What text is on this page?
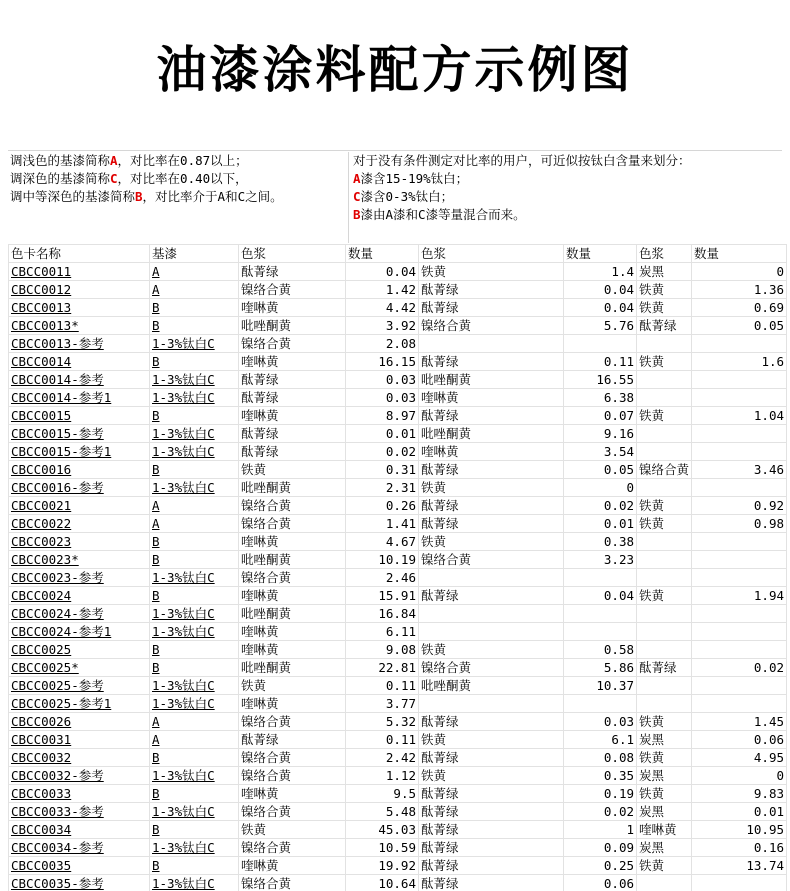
油漆涂料配方示例图
调浅色的基漆简称A，对比率在0.87以上；
调深色的基漆简称C，对比率在0.40以下，
调中等深色的基漆简称B，对比率介于A和C之间。
对于没有条件测定对比率的用户，可近似按钛白含量来划分：
A漆含15-19%钛白；
C漆含0-3%钛白；
B漆由A漆和C漆等量混合而来。
色卡名称	基漆	色浆	数量	色浆	数量	色浆	数量
CBCC0011	A	酞菁绿	0.04	铁黄	1.4	炭黑	0
CBCC0012	A	镍络合黄	1.42	酞菁绿	0.04	铁黄	1.36
CBCC0013	B	喹啉黄	4.42	酞菁绿	0.04	铁黄	0.69
CBCC0013*	B	吡唑酮黄	3.92	镍络合黄	5.76	酞菁绿	0.05
CBCC0013-参考	1-3%钛白C	镍络合黄	2.08				
CBCC0014	B	喹啉黄	16.15	酞菁绿	0.11	铁黄	1.6
CBCC0014-参考	1-3%钛白C	酞菁绿	0.03	吡唑酮黄	16.55		
CBCC0014-参考1	1-3%钛白C	酞菁绿	0.03	喹啉黄	6.38		
CBCC0015	B	喹啉黄	8.97	酞菁绿	0.07	铁黄	1.04
CBCC0015-参考	1-3%钛白C	酞菁绿	0.01	吡唑酮黄	9.16		
CBCC0015-参考1	1-3%钛白C	酞菁绿	0.02	喹啉黄	3.54		
CBCC0016	B	铁黄	0.31	酞菁绿	0.05	镍络合黄	3.46
CBCC0016-参考	1-3%钛白C	吡唑酮黄	2.31	铁黄	0		
CBCC0021	A	镍络合黄	0.26	酞菁绿	0.02	铁黄	0.92
CBCC0022	A	镍络合黄	1.41	酞菁绿	0.01	铁黄	0.98
CBCC0023	B	喹啉黄	4.67	铁黄	0.38		
CBCC0023*	B	吡唑酮黄	10.19	镍络合黄	3.23		
CBCC0023-参考	1-3%钛白C	镍络合黄	2.46				
CBCC0024	B	喹啉黄	15.91	酞菁绿	0.04	铁黄	1.94
CBCC0024-参考	1-3%钛白C	吡唑酮黄	16.84				
CBCC0024-参考1	1-3%钛白C	喹啉黄	6.11				
CBCC0025	B	喹啉黄	9.08	铁黄	0.58		
CBCC0025*	B	吡唑酮黄	22.81	镍络合黄	5.86	酞菁绿	0.02
CBCC0025-参考	1-3%钛白C	铁黄	0.11	吡唑酮黄	10.37		
CBCC0025-参考1	1-3%钛白C	喹啉黄	3.77				
CBCC0026	A	镍络合黄	5.32	酞菁绿	0.03	铁黄	1.45
CBCC0031	A	酞菁绿	0.11	铁黄	6.1	炭黑	0.06
CBCC0032	B	镍络合黄	2.42	酞菁绿	0.08	铁黄	4.95
CBCC0032-参考	1-3%钛白C	镍络合黄	1.12	铁黄	0.35	炭黑	0
CBCC0033	B	喹啉黄	9.5	酞菁绿	0.19	铁黄	9.83
CBCC0033-参考	1-3%钛白C	镍络合黄	5.48	酞菁绿	0.02	炭黑	0.01
CBCC0034	B	铁黄	45.03	酞菁绿	1	喹啉黄	10.95
CBCC0034-参考	1-3%钛白C	镍络合黄	10.59	酞菁绿	0.09	炭黑	0.16
CBCC0035	B	喹啉黄	19.92	酞菁绿	0.25	铁黄	13.74
CBCC0035-参考	1-3%钛白C	镍络合黄	10.64	酞菁绿	0.06		
